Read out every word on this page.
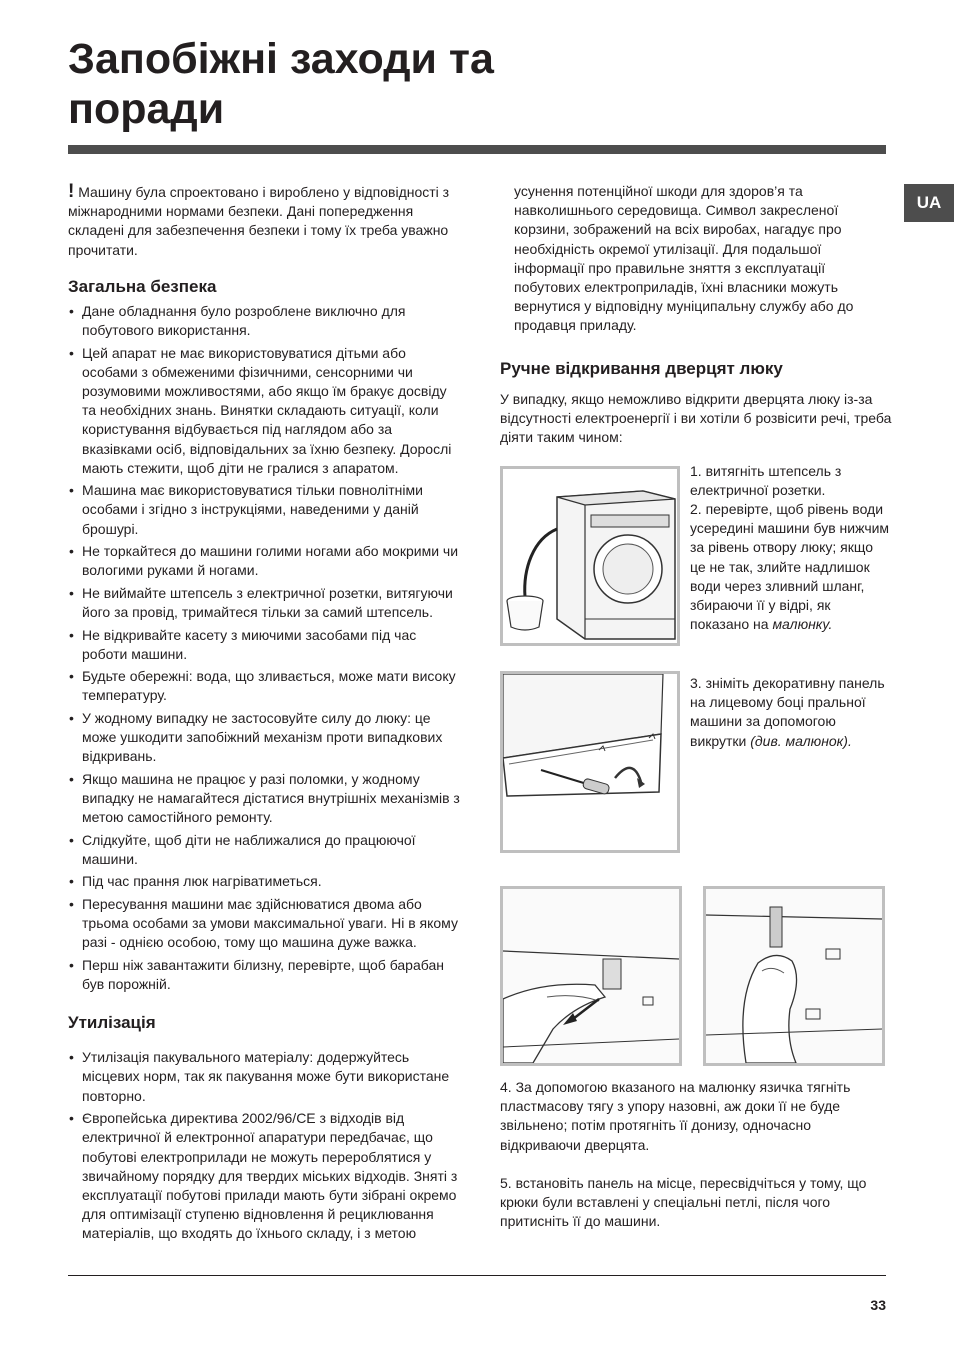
Запобіжні заходи та
поради
UA

! Машину була спроектовано і вироблено у відповідності з міжнародними нормами безпеки. Дані попередження складені для забезпечення безпеки і тому їх треба уважно прочитати.

Загальна безпека
• Дане обладнання було розроблене виключно для побутового використання.
• Цей апарат не має використовуватися дітьми або особами з обмеженими фізичними, сенсорними чи розумовими можливостями, або якщо їм бракує досвіду та необхідних знань. Винятки складають ситуації, коли користування відбувається під наглядом або за вказівками осіб, відповідальних за їхню безпеку. Дорослі мають стежити, щоб діти не гралися з апаратом.
• Машина має використовуватися тільки повнолітніми особами і згідно з інструкціями, наведеними у даній брошурі.
• Не торкайтеся до машини голими ногами або мокрими чи вологими руками й ногами.
• Не виймайте штепсель з електричної розетки, витягуючи його за провід, тримайтеся тільки за самий штепсель.
• Не відкривайте касету з миючими засобами під час роботи машини.
• Будьте обережні: вода, що зливається, може мати високу температуру.
• У жодному випадку не застосовуйте силу до люку: це може ушкодити запобіжний механізм проти випадкових відкривань.
• Якщо машина не працює у разі поломки, у жодному випадку не намагайтеся дістатися внутрішніх механізмів з метою самостійного ремонту.
• Слідкуйте, щоб діти не наближалися до працюючої машини.
• Під час прання люк нагріватиметься.
• Пересування машини має здійснюватися двома або трьома особами за умови максимальної уваги. Ні в якому разі - однією особою, тому що машина дуже важка.
• Перш ніж завантажити білизну, перевірте, щоб барабан був порожній.
Утилізація
• Утилізація пакувального матеріалу: додержуйтесь місцевих норм, так як пакування може бути використане повторно.
• Європейська директива 2002/96/CE з відходів від електричної й електронної апаратури передбачає, що побутові електроприлади не можуть перероблятися у звичайному порядку для твердих міських відходів. Зняті з експлуатації побутові прилади мають бути зібрані окремо для оптимізації ступеню відновлення й рециклювання матеріалів, що входять до їхнього складу, і з метою

усунення потенційної шкоди для здоров’я та навколишнього середовища. Символ закресленої корзини, зображений на всіх виробах, нагадує про необхідність окремої утилізації. Для подальшої інформації про правильне зняття з експлуатації побутових електроприладів, їхні власники можуть вернутися у відповідну муніципальну службу або до продавця приладу.

Ручне відкривання дверцят люку

У випадку, якщо неможливо відкрити дверцята люку із-за відсутності електроенергії і ви хотіли б розвісити речі, треба діяти таким чином:

1. витягніть штепсель з електричної розетки.

2. перевірте, щоб рівень води усередині машини був нижчим за рівень отвору люку; якщо це не так, злийте надлишок води через зливний шланг, збираючи її у відрі, як показано на малюнку.

3. зніміть декоративну панель на лицевому боці пральної машини за допомогою викрутки (див. малюнок).

4. За допомогою вказаного на малюнку язичка тягніть пластмасову тягу з упору назовні, аж доки її не буде звільнено; потім протягніть її донизу, одночасно відкриваючи дверцята.

5. встановіть панель на місце, пересвідчіться у тому, що крюки були вставлені у спеціальні петлі, після чого притисніть її до машини.

33
